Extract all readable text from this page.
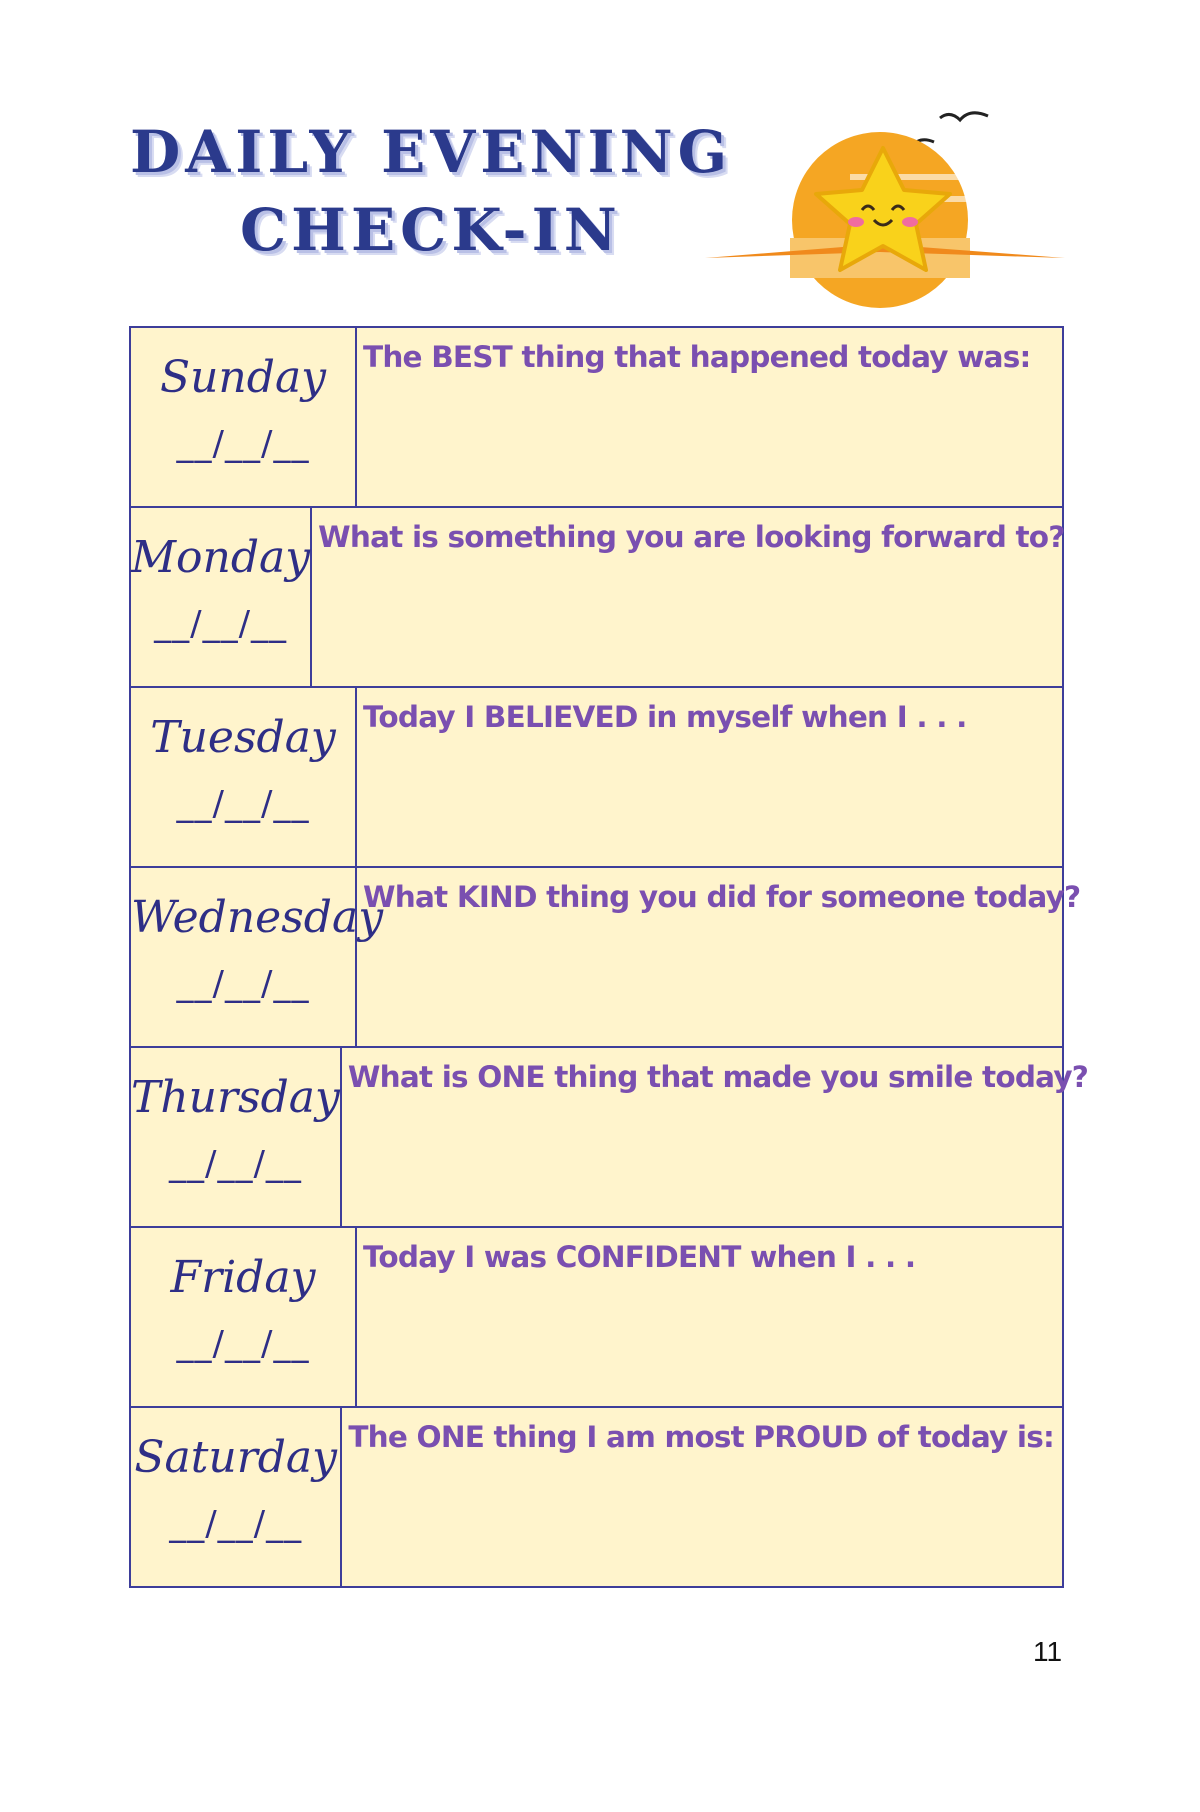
DAILY EVENING
CHECK-IN
Sunday
__/__/__
The BEST thing that happened today was:
Monday
__/__/__
What is something you are looking forward to?
Tuesday
__/__/__
Today I BELIEVED in myself when I . . .
Wednesday
__/__/__
What KIND thing you did for someone today?
Thursday
__/__/__
What is ONE thing that made you smile today?
Friday
__/__/__
Today I was CONFIDENT when I . . .
Saturday
__/__/__
The ONE thing I am most PROUD of today is:
11
